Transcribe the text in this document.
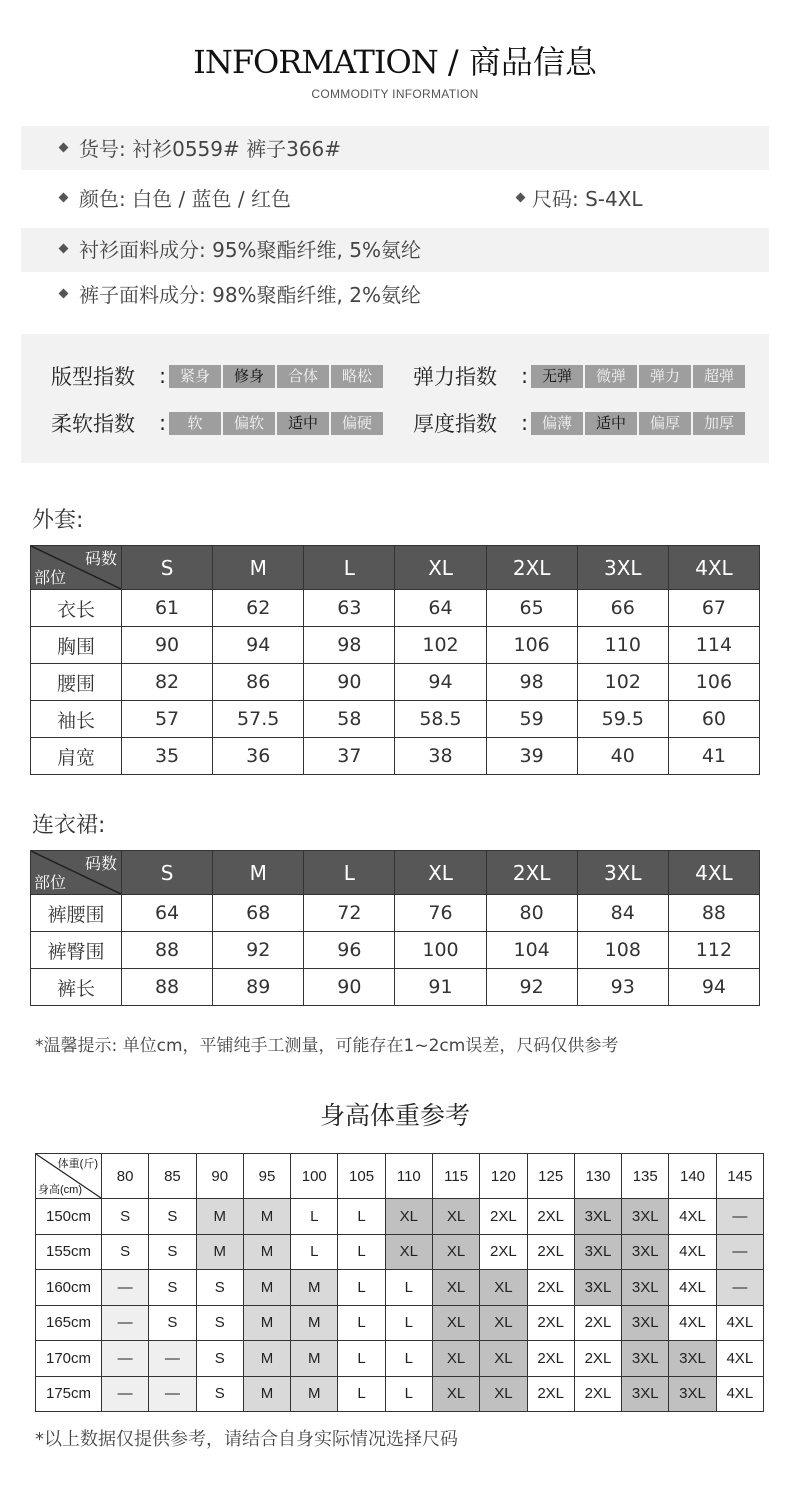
INFORMATION / 商品信息
COMMODITY INFORMATION
货号: 衬衫0559# 裤子366#
颜色: 白色 / 蓝色 / 红色	尺码: S-4XL
衬衫面料成分: 95%聚酯纤维, 5%氨纶
裤子面料成分: 98%聚酯纤维, 2%氨纶
版型指数	: 紧身	修身	合体	略松	弹力指数	: 无弹	微弹	弹力	超弹
柔软指数	:	软	偏软	适中	偏硬	厚度指数	: 偏薄	适中	偏厚	加厚
外套:
码数
部位	S	M	L	XL	2XL	3XL	4XL
衣长	61	62	63	64	65	66	67
胸围	90	94	98	102	106	110	114
腰围	82	86	90	94	98	102	106
袖长	57	57.5	58	58.5	59	59.5	60
肩宽	35	36	37	38	39	40	41
连衣裙:
码数
部位	S	M	L	XL	2XL	3XL	4XL
裤腰围	64	68	72	76	80	84	88
裤臀围	88	92	96	100	104	108	112
裤长	88	89	90	91	92	93	94
*温馨提示: 单位cm，平铺纯手工测量，可能存在1~2cm误差，尺码仅供参考
身高体重参考
体重(斤)
身高(cm)	80	85	90	95	100	105	110	115	120	125	130	135	140	145
150cm	S	S	M	M	L	L	XL	XL	2XL	2XL	3XL	3XL	4XL	—
155cm	S	S	M	M	L	L	XL	XL	2XL	2XL	3XL	3XL	4XL	—
160cm	—	S	S	M	M	L	L	XL	XL	2XL	3XL	3XL	4XL	—
165cm	—	S	S	M	M	L	L	XL	XL	2XL	2XL	3XL	4XL	4XL
170cm	—	—	S	M	M	L	L	XL	XL	2XL	2XL	3XL	3XL	4XL
175cm	—	—	S	M	M	L	L	XL	XL	2XL	2XL	3XL	3XL	4XL
*以上数据仅提供参考，请结合自身实际情况选择尺码
